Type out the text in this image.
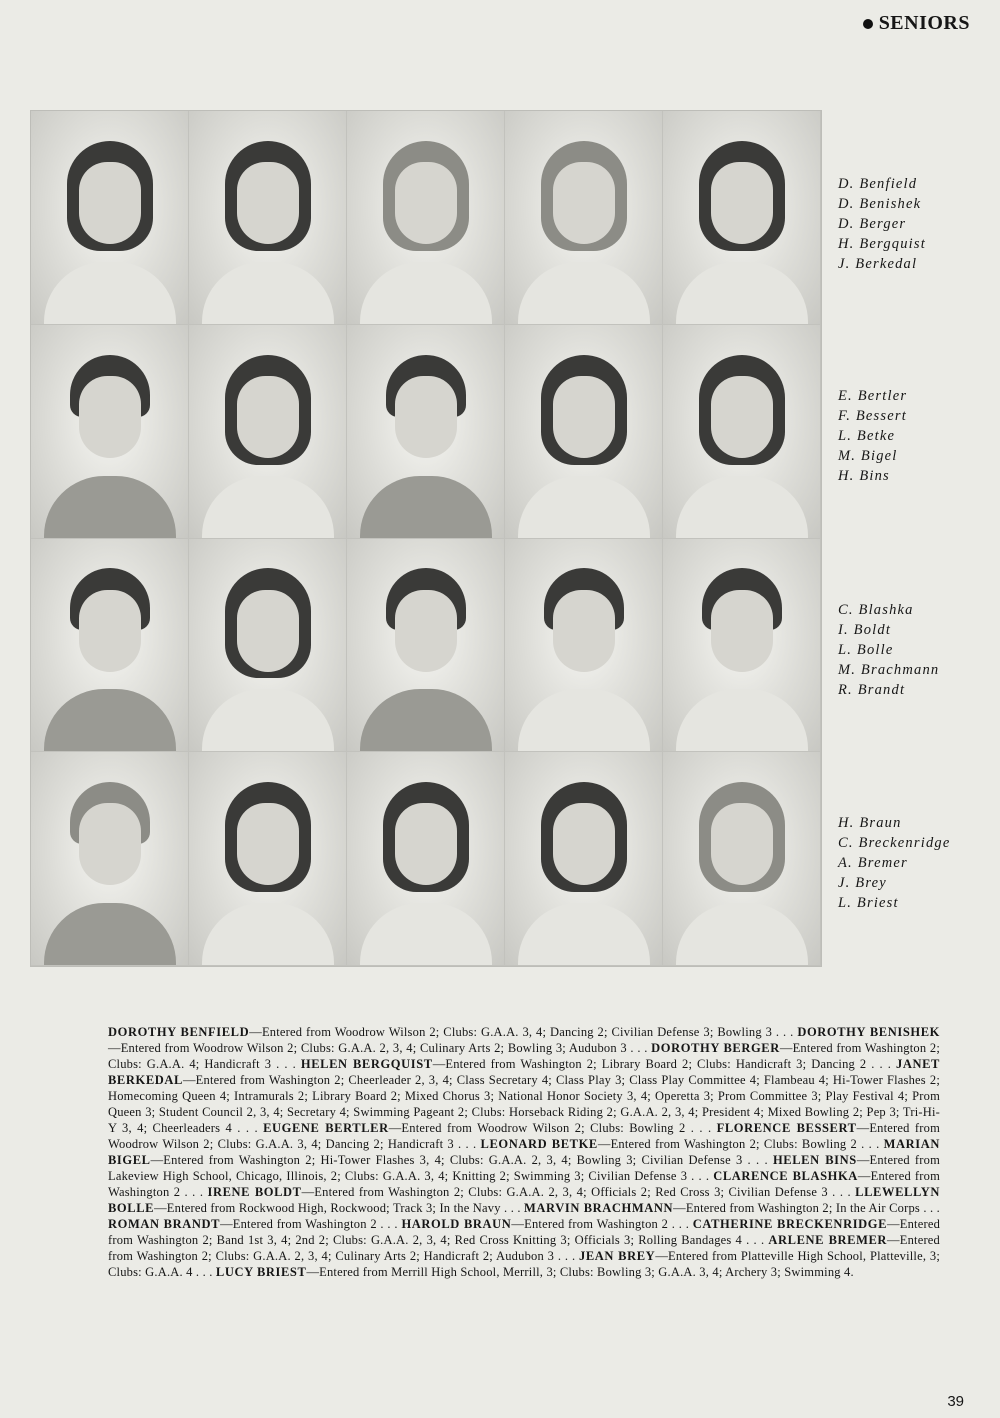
SENIORS
D. Benfield
D. Benishek
D. Berger
H. Bergquist
J. Berkedal
E. Bertler
F. Bessert
L. Betke
M. Bigel
H. Bins
C. Blashka
I. Boldt
L. Bolle
M. Brachmann
R. Brandt
H. Braun
C. Breckenridge
A. Bremer
J. Brey
L. Briest
DOROTHY BENFIELD—Entered from Woodrow Wilson 2; Clubs: G.A.A. 3, 4; Dancing 2; Civilian Defense 3; Bowling 3 . . . DOROTHY BENISHEK—Entered from Woodrow Wilson 2; Clubs: G.A.A. 2, 3, 4; Culinary Arts 2; Bowling 3; Audubon 3 . . . DOROTHY BERGER—Entered from Washington 2; Clubs: G.A.A. 4; Handicraft 3 . . . HELEN BERGQUIST—Entered from Washington 2; Library Board 2; Clubs: Handicraft 3; Dancing 2 . . . JANET BERKEDAL—Entered from Washington 2; Cheerleader 2, 3, 4; Class Secretary 4; Class Play 3; Class Play Committee 4; Flambeau 4; Hi-Tower Flashes 2; Homecoming Queen 4; Intramurals 2; Library Board 2; Mixed Chorus 3; National Honor Society 3, 4; Operetta 3; Prom Committee 3; Play Festival 4; Prom Queen 3; Student Council 2, 3, 4; Secretary 4; Swimming Pageant 2; Clubs: Horseback Riding 2; G.A.A. 2, 3, 4; President 4; Mixed Bowling 2; Pep 3; Tri-Hi-Y 3, 4; Cheerleaders 4 . . . EUGENE BERTLER—Entered from Woodrow Wilson 2; Clubs: Bowling 2 . . . FLORENCE BESSERT—Entered from Woodrow Wilson 2; Clubs: G.A.A. 3, 4; Dancing 2; Handicraft 3 . . . LEONARD BETKE—Entered from Washington 2; Clubs: Bowling 2 . . . MARIAN BIGEL—Entered from Washington 2; Hi-Tower Flashes 3, 4; Clubs: G.A.A. 2, 3, 4; Bowling 3; Civilian Defense 3 . . . HELEN BINS—Entered from Lakeview High School, Chicago, Illinois, 2; Clubs: G.A.A. 3, 4; Knitting 2; Swimming 3; Civilian Defense 3 . . . CLARENCE BLASHKA—Entered from Washington 2 . . . IRENE BOLDT—Entered from Washington 2; Clubs: G.A.A. 2, 3, 4; Officials 2; Red Cross 3; Civilian Defense 3 . . . LLEWELLYN BOLLE—Entered from Rockwood High, Rockwood; Track 3; In the Navy . . . MARVIN BRACHMANN—Entered from Washington 2; In the Air Corps . . . ROMAN BRANDT—Entered from Washington 2 . . . HAROLD BRAUN—Entered from Washington 2 . . . CATHERINE BRECKENRIDGE—Entered from Washington 2; Band 1st 3, 4; 2nd 2; Clubs: G.A.A. 2, 3, 4; Red Cross Knitting 3; Officials 3; Rolling Bandages 4 . . . ARLENE BREMER—Entered from Washington 2; Clubs: G.A.A. 2, 3, 4; Culinary Arts 2; Handicraft 2; Audubon 3 . . . JEAN BREY—Entered from Platteville High School, Platteville, 3; Clubs: G.A.A. 4 . . . LUCY BRIEST—Entered from Merrill High School, Merrill, 3; Clubs: Bowling 3; G.A.A. 3, 4; Archery 3; Swimming 4.
39
